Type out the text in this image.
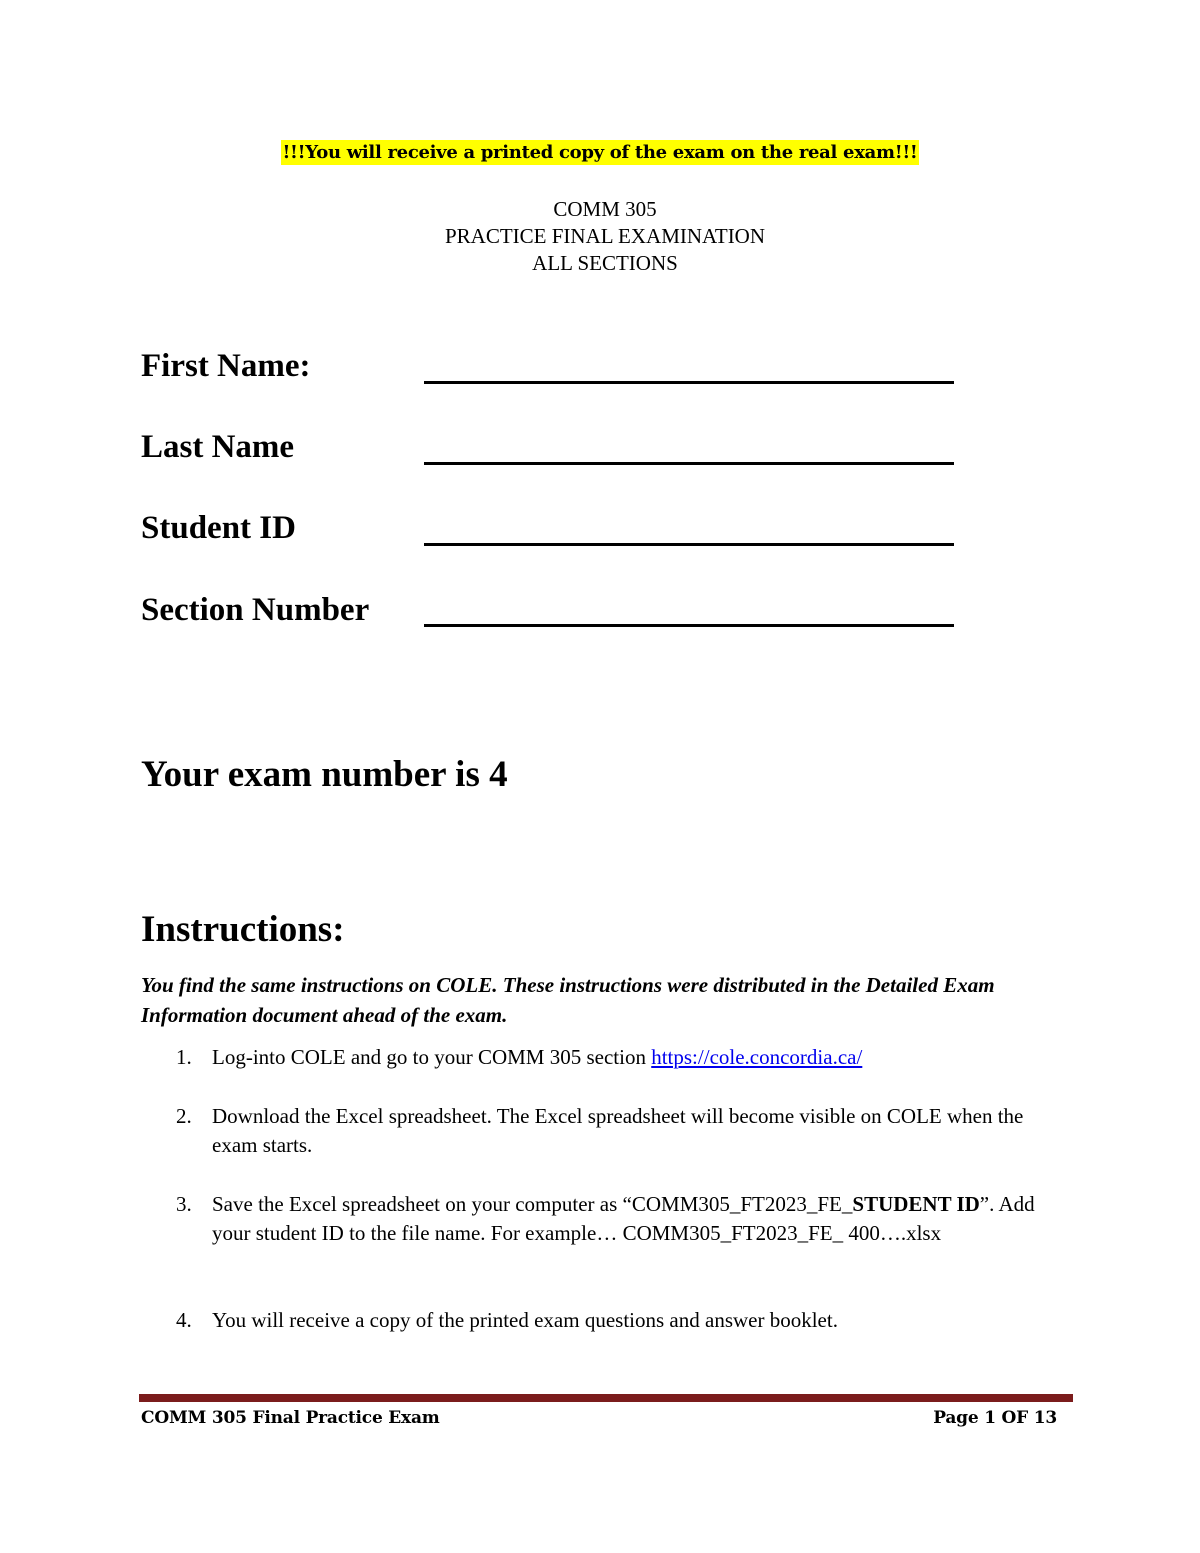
!!!You will receive a printed copy of the exam on the real exam!!!
COMM 305
PRACTICE FINAL EXAMINATION
ALL SECTIONS
First Name:
Last Name
Student ID
Section Number
Your exam number is 4
Instructions:
You find the same instructions on COLE. These instructions were distributed in the Detailed Exam Information document ahead of the exam.
1. Log-into COLE and go to your COMM 305 section https://cole.concordia.ca/
2. Download the Excel spreadsheet. The Excel spreadsheet will become visible on COLE when the exam starts.
3. Save the Excel spreadsheet on your computer as “COMM305_FT2023_FE_STUDENT ID”. Add your student ID to the file name. For example… COMM305_FT2023_FE_ 400….xlsx
4. You will receive a copy of the printed exam questions and answer booklet.
COMM 305 Final Practice Exam	Page 1 OF 13
